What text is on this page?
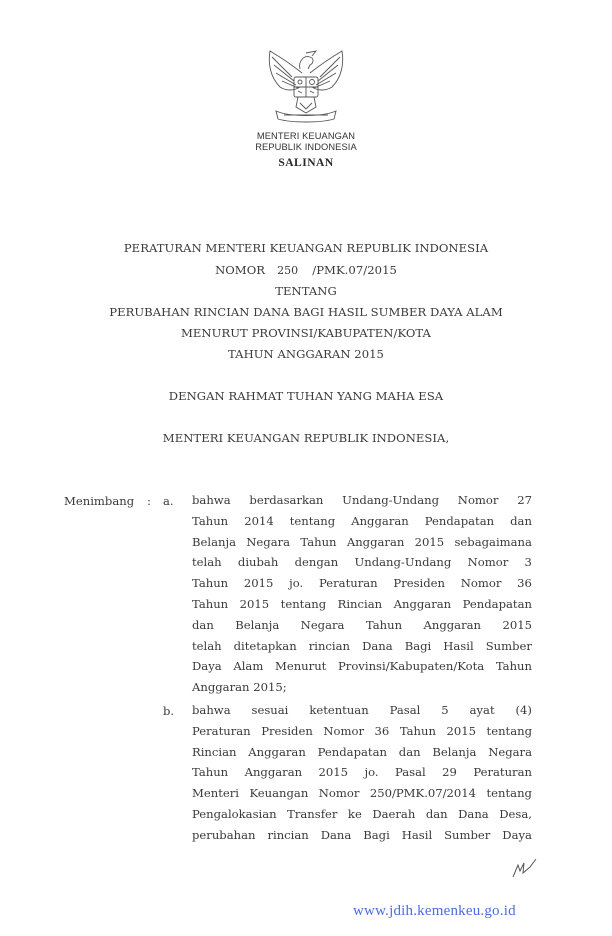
MENTERI KEUANGAN
REPUBLIK INDONESIA
SALINAN
PERATURAN MENTERI KEUANGAN REPUBLIK INDONESIA
NOMOR 250 /PMK.07/2015
TENTANG
PERUBAHAN RINCIAN DANA BAGI HASIL SUMBER DAYA ALAM
MENURUT PROVINSI/KABUPATEN/KOTA
TAHUN ANGGARAN 2015
DENGAN RAHMAT TUHAN YANG MAHA ESA
MENTERI KEUANGAN REPUBLIK INDONESIA,
Menimbang : a. bahwa berdasarkan Undang-Undang Nomor 27
Tahun 2014 tentang Anggaran Pendapatan dan
Belanja Negara Tahun Anggaran 2015 sebagaimana
telah diubah dengan Undang-Undang Nomor 3
Tahun 2015 jo. Peraturan Presiden Nomor 36
Tahun 2015 tentang Rincian Anggaran Pendapatan
dan Belanja Negara Tahun Anggaran 2015
telah ditetapkan rincian Dana Bagi Hasil Sumber
Daya Alam Menurut Provinsi/Kabupaten/Kota Tahun
Anggaran 2015;
b. bahwa sesuai ketentuan Pasal 5 ayat (4)
Peraturan Presiden Nomor 36 Tahun 2015 tentang
Rincian Anggaran Pendapatan dan Belanja Negara
Tahun Anggaran 2015 jo. Pasal 29 Peraturan
Menteri Keuangan Nomor 250/PMK.07/2014 tentang
Pengalokasian Transfer ke Daerah dan Dana Desa,
perubahan rincian Dana Bagi Hasil Sumber Daya
www.jdih.kemenkeu.go.id
